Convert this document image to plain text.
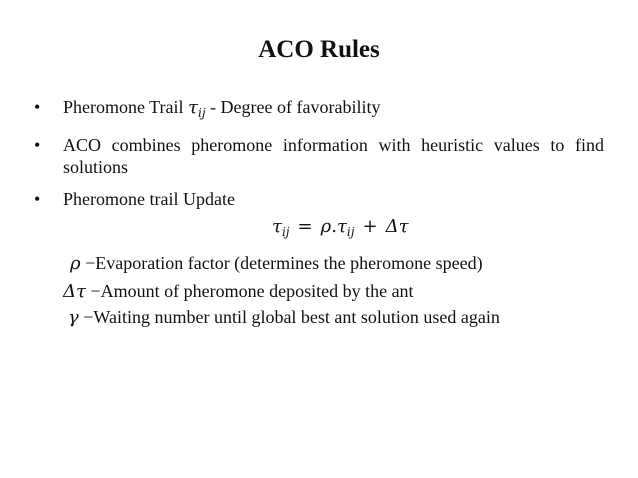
ACO Rules
•	Pheromone Trail $\tau_{ij}$ - Degree of favorability
•	ACO combines pheromone information with heuristic values to find solutions
•	Pheromone trail Update
$\tau_{ij} = \rho.\tau_{ij} + \Delta\tau$
ρ −Evaporation factor (determines the pheromone speed)
Δτ −Amount of pheromone deposited by the ant
γ −Waiting number until global best ant solution used again
